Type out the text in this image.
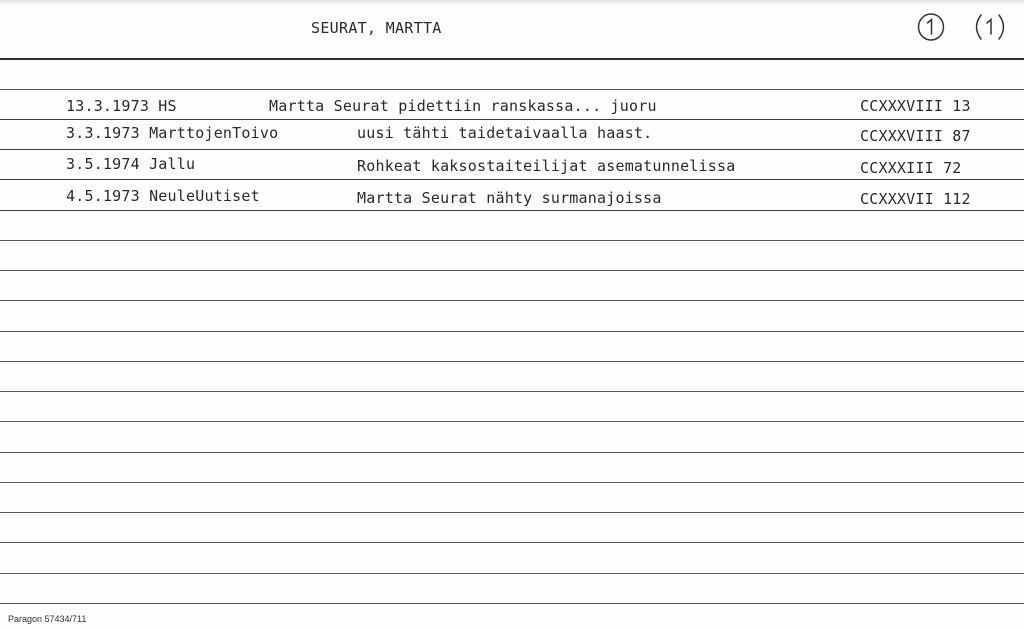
SEURAT, MARTTA
13.3.1973 HS	Martta Seurat pidettiin ranskassa... juoru	CCXXXVIII 13
3.3.1973 MarttojenToivo	uusi tähti taidetaivaalla haast.	CCXXXVIII 87
3.5.1974 Jallu	Rohkeat kaksostaiteilijat asematunnelissa	CCXXXIII 72
4.5.1973 NeuleUutiset	Martta Seurat nähty surmanajoissa	CCXXXVII 112
Paragon 57434/711
